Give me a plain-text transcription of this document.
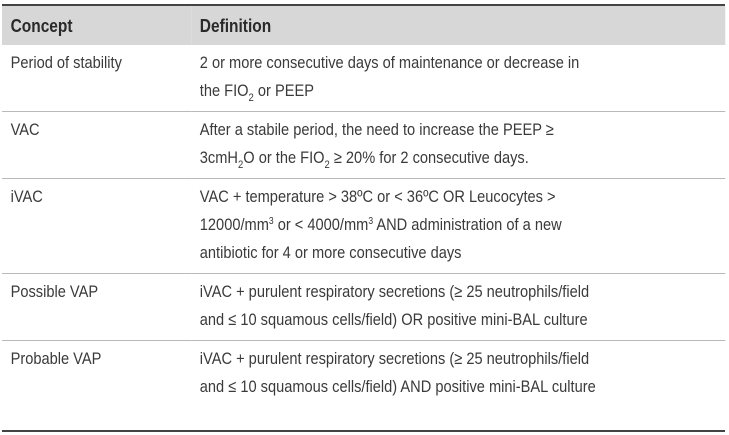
Concept	Definition
Period of stability	2 or more consecutive days of maintenance or decrease in
the $FIO_2$ or PEEP
VAC	After a stabile period, the need to increase the PEEP ≥
3cmH$_2$O or the $FIO_2 \ge 20\%$ for 2 consecutive days.
iVAC	VAC + temperature > 38ºC or < 36ºC OR Leucocytes >
$12000/mm^3$ or < $4000/mm^3$ AND administration of a new
antibiotic for 4 or more consecutive days
Possible VAP	iVAC + purulent respiratory secretions (≥ 25 neutrophils/field
and ≤ 10 squamous cells/field) OR positive mini-BAL culture
Probable VAP	iVAC + purulent respiratory secretions (≥ 25 neutrophils/field
and ≤ 10 squamous cells/field) AND positive mini-BAL culture
